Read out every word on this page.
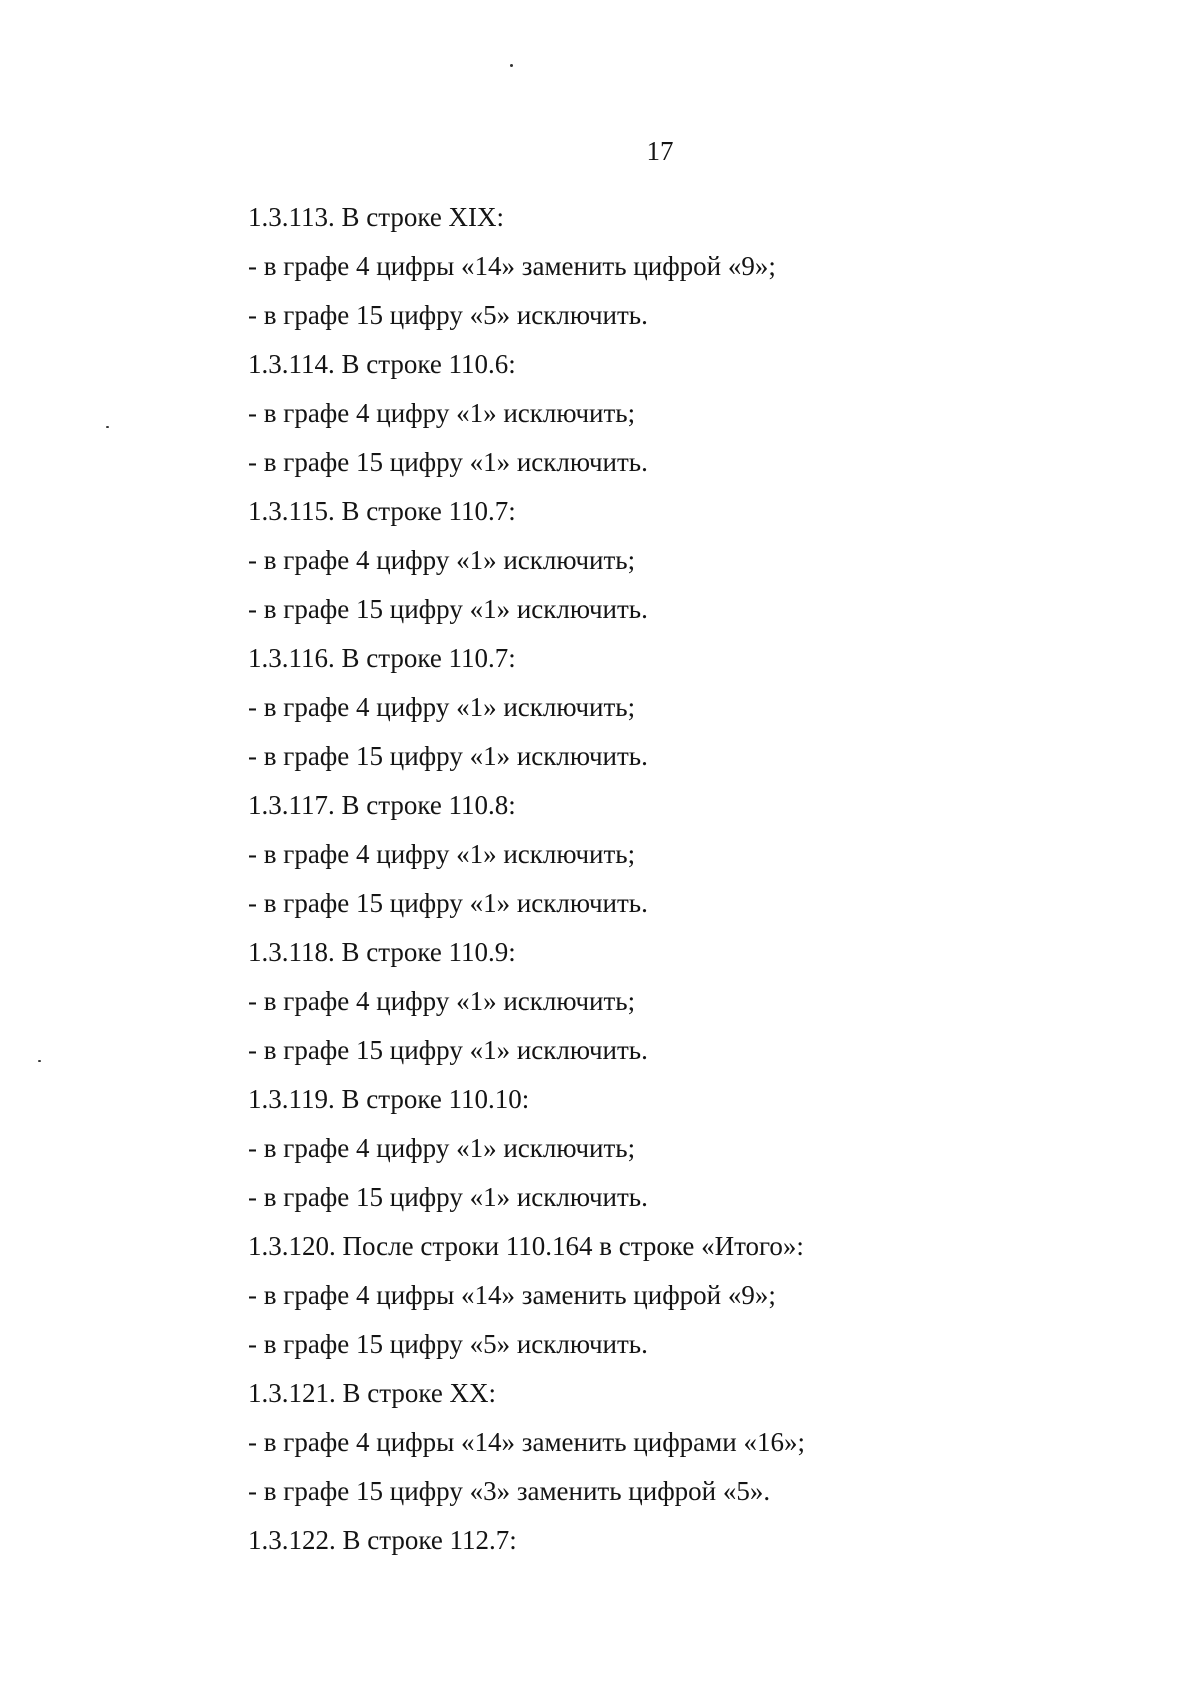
17
1.3.113. В строке XIX:
- в графе 4 цифры «14» заменить цифрой «9»;
- в графе 15 цифру «5» исключить.
1.3.114. В строке 110.6:
- в графе 4 цифру «1» исключить;
- в графе 15 цифру «1» исключить.
1.3.115. В строке 110.7:
- в графе 4 цифру «1» исключить;
- в графе 15 цифру «1» исключить.
1.3.116. В строке 110.7:
- в графе 4 цифру «1» исключить;
- в графе 15 цифру «1» исключить.
1.3.117. В строке 110.8:
- в графе 4 цифру «1» исключить;
- в графе 15 цифру «1» исключить.
1.3.118. В строке 110.9:
- в графе 4 цифру «1» исключить;
- в графе 15 цифру «1» исключить.
1.3.119. В строке 110.10:
- в графе 4 цифру «1» исключить;
- в графе 15 цифру «1» исключить.
1.3.120. После строки 110.164 в строке «Итого»:
- в графе 4 цифры «14» заменить цифрой «9»;
- в графе 15 цифру «5» исключить.
1.3.121. В строке XX:
- в графе 4 цифры «14» заменить цифрами «16»;
- в графе 15 цифру «3» заменить цифрой «5».
1.3.122. В строке 112.7:
